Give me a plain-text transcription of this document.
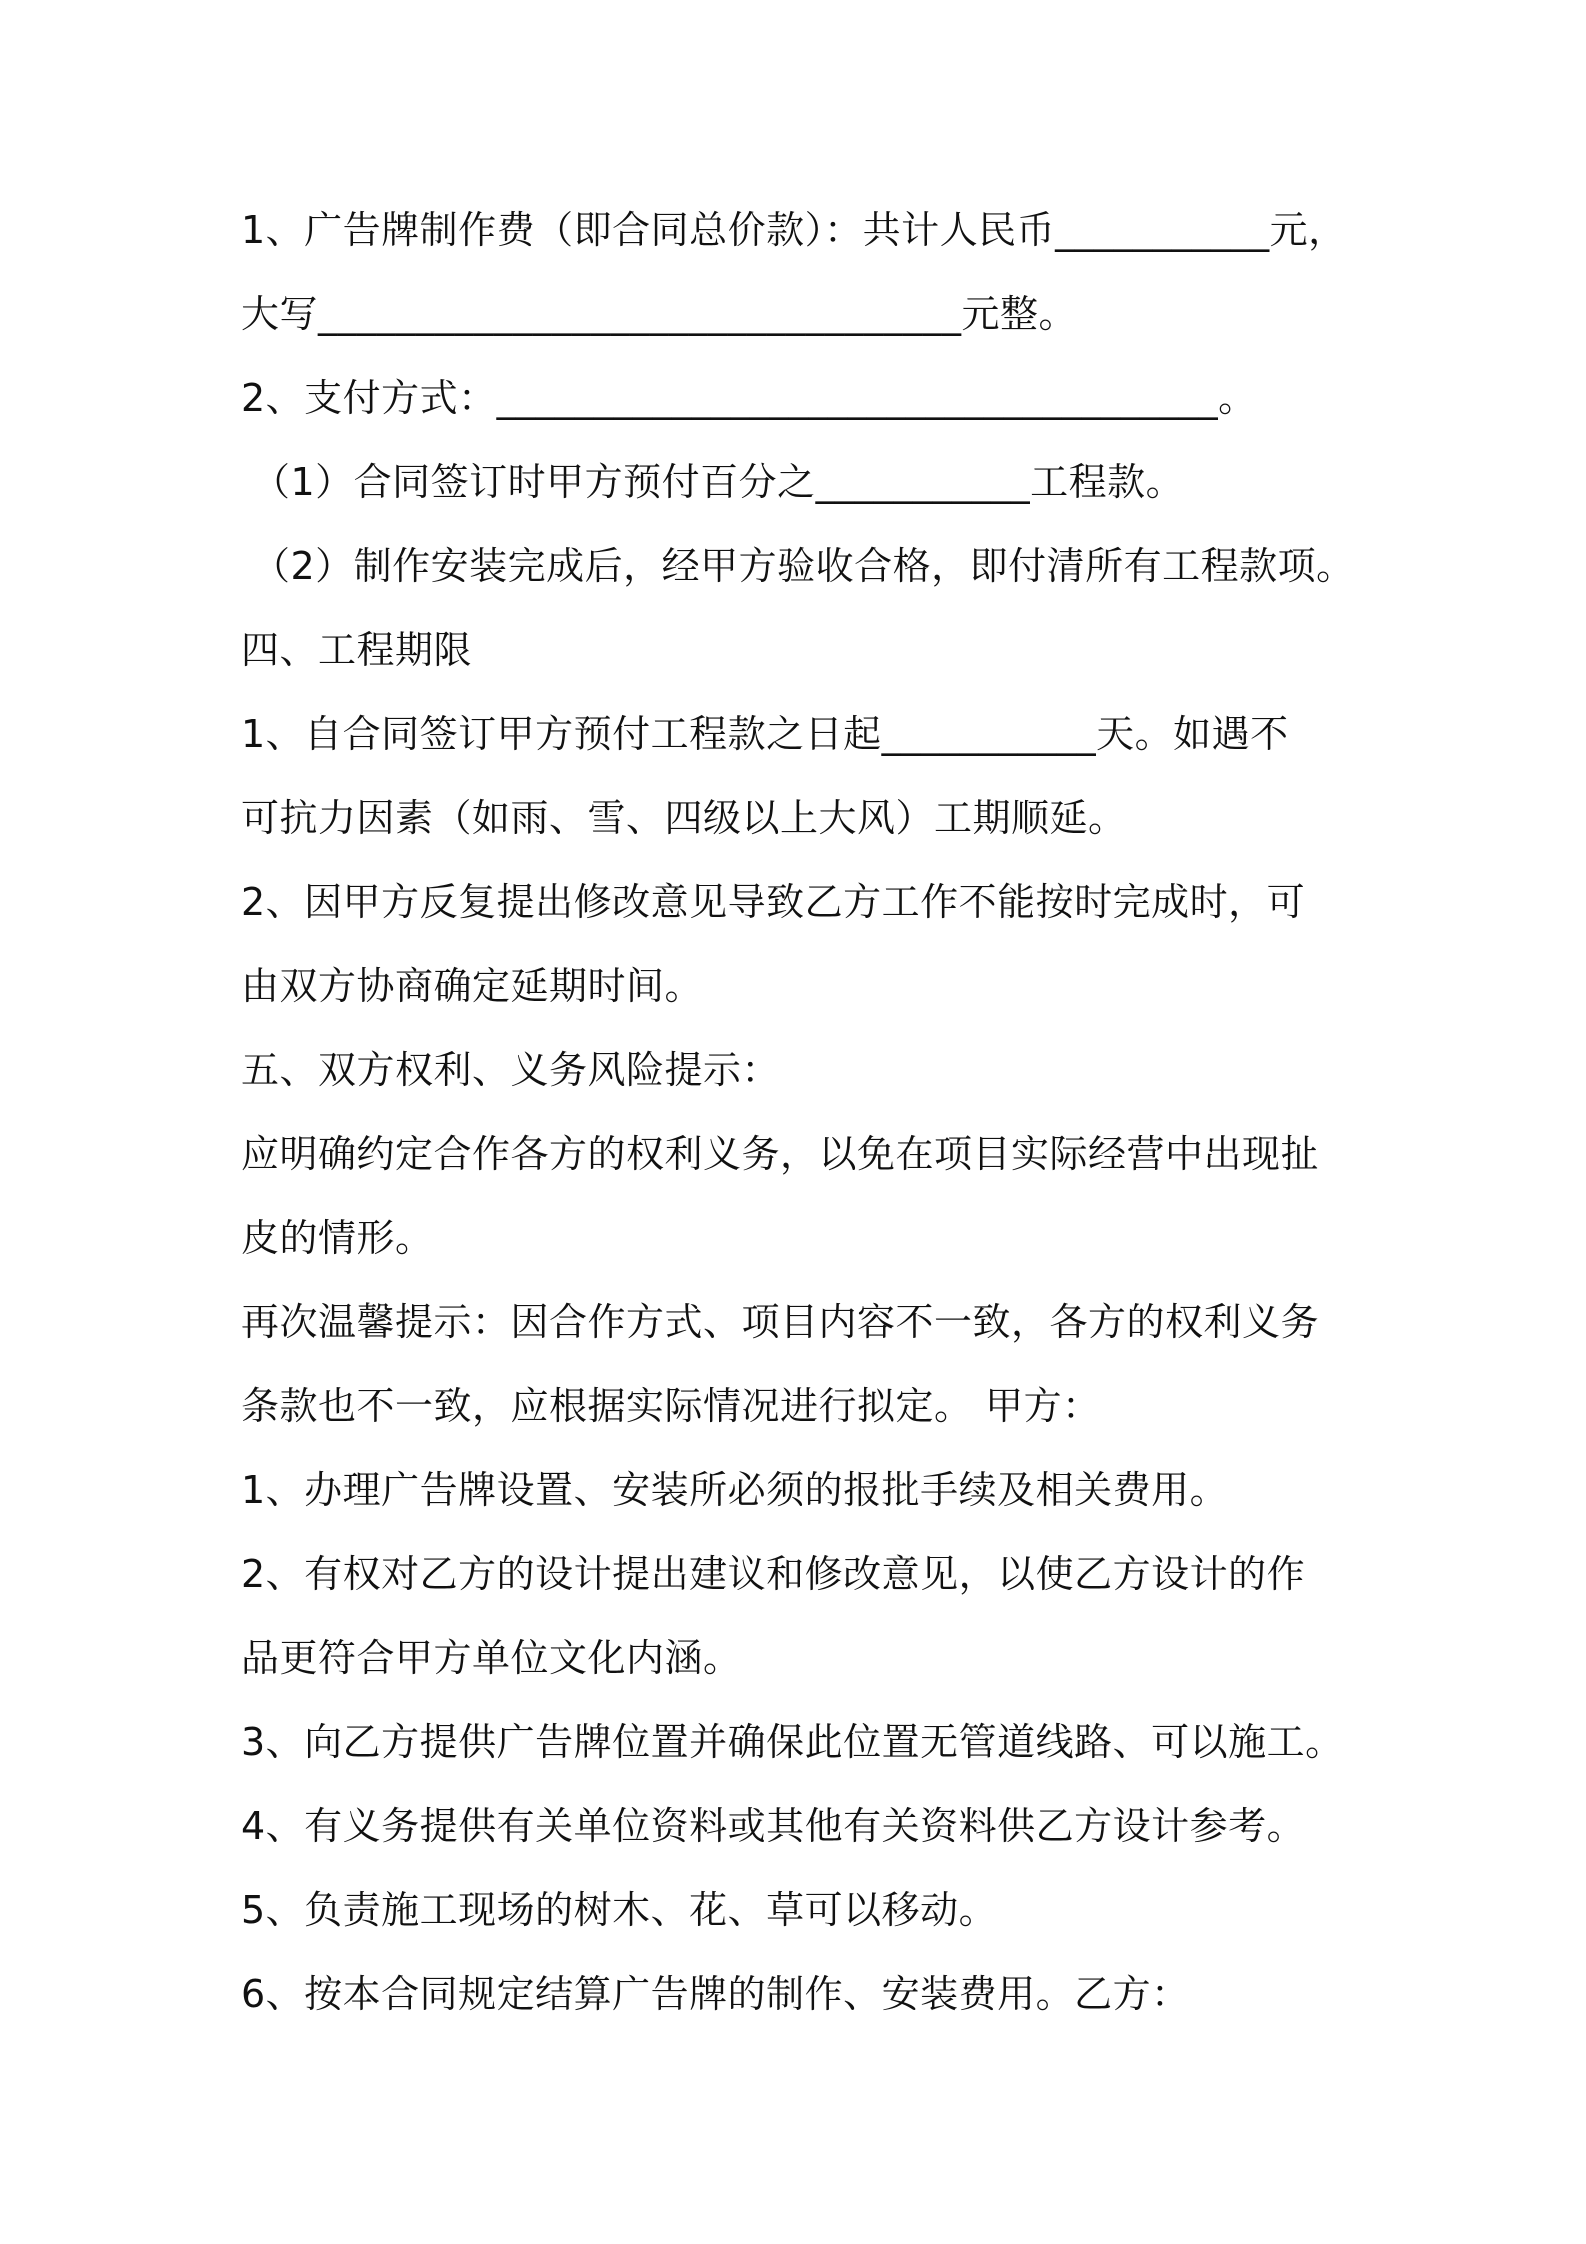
1、广告牌制作费（即合同总价款）：共计人民币___________元，
大写_________________________________元整。
2、支付方式：_____________________________________。
（1）合同签订时甲方预付百分之___________工程款。
（2）制作安装完成后，经甲方验收合格，即付清所有工程款项。
四、工程期限
1、自合同签订甲方预付工程款之日起___________天。如遇不
可抗力因素（如雨、雪、四级以上大风）工期顺延。
2、因甲方反复提出修改意见导致乙方工作不能按时完成时，可
由双方协商确定延期时间。
五、双方权利、义务风险提示：
应明确约定合作各方的权利义务，以免在项目实际经营中出现扯
皮的情形。
再次温馨提示：因合作方式、项目内容不一致，各方的权利义务
条款也不一致，应根据实际情况进行拟定。 甲方：
1、办理广告牌设置、安装所必须的报批手续及相关费用。
2、有权对乙方的设计提出建议和修改意见，以使乙方设计的作
品更符合甲方单位文化内涵。
3、向乙方提供广告牌位置并确保此位置无管道线路、可以施工。
4、有义务提供有关单位资料或其他有关资料供乙方设计参考。
5、负责施工现场的树木、花、草可以移动。
6、按本合同规定结算广告牌的制作、安装费用。乙方：
